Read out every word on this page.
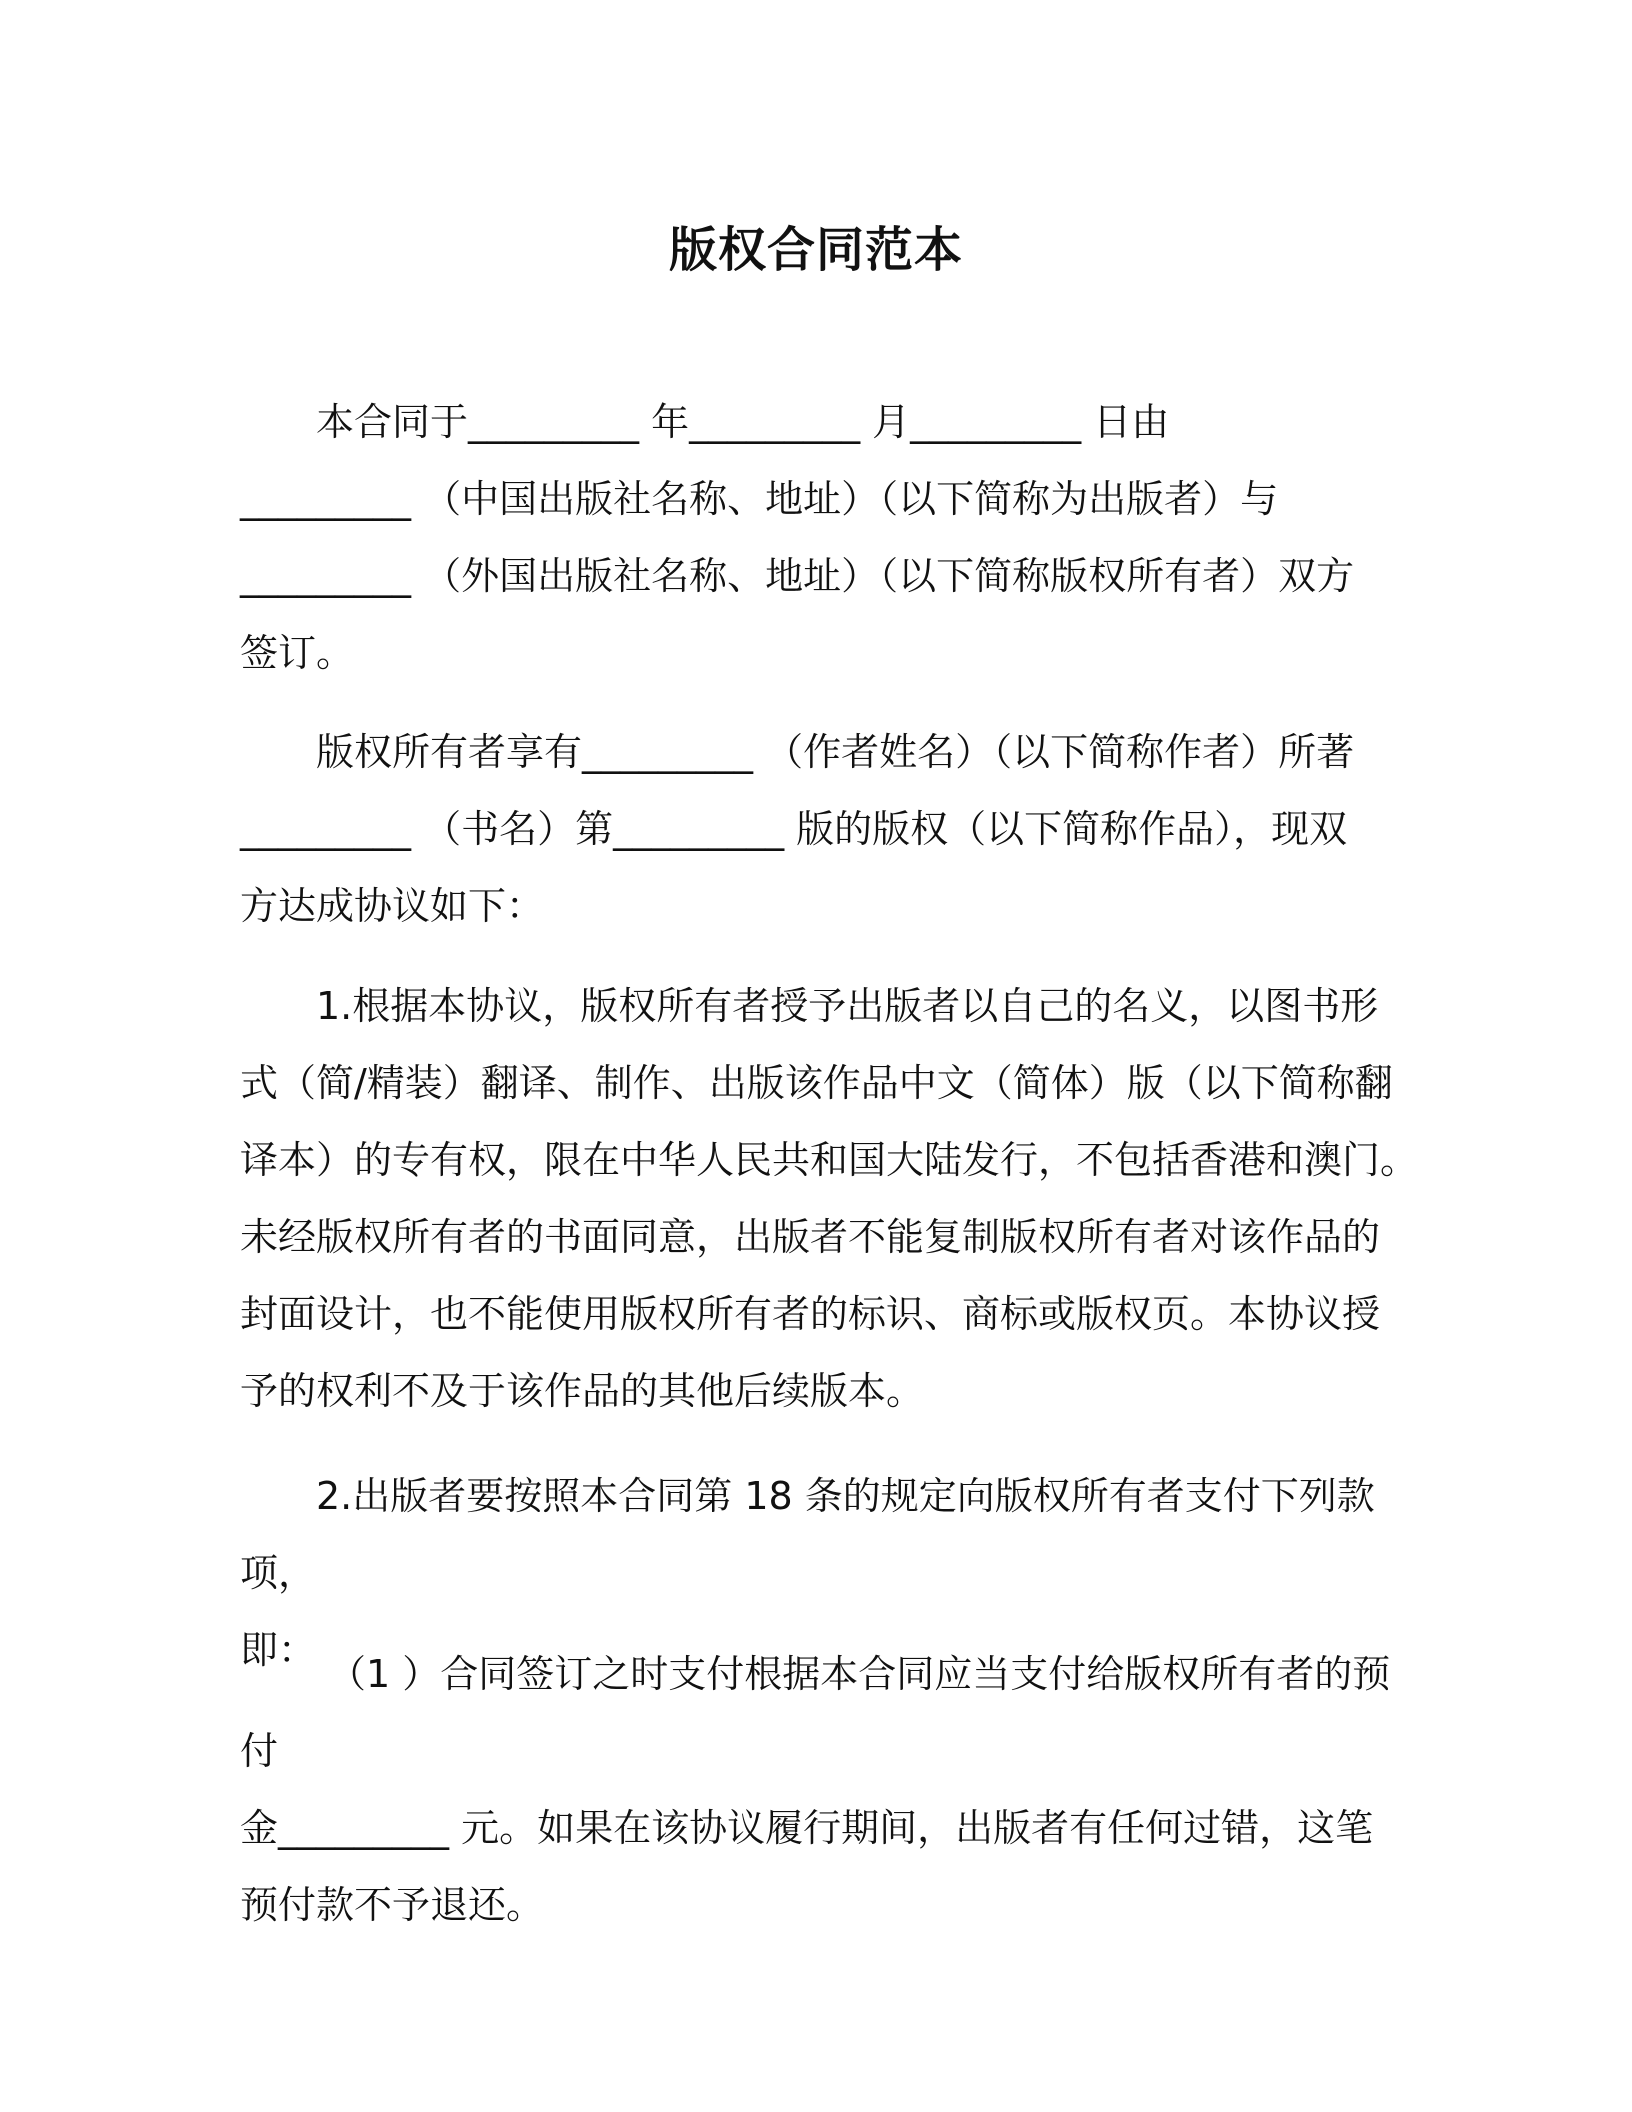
版权合同范本
本合同于_________ 年_________ 月_________ 日由
_________ （中国出版社名称、地址）（以下简称为出版者）与
_________ （外国出版社名称、地址）（以下简称版权所有者）双方
签订。
版权所有者享有_________ （作者姓名）（以下简称作者）所著
_________ （书名）第_________ 版的版权（以下简称作品），现双
方达成协议如下：
1.根据本协议，版权所有者授予出版者以自己的名义，以图书形
式（简/精装）翻译、制作、出版该作品中文（简体）版（以下简称翻
译本）的专有权，限在中华人民共和国大陆发行，不包括香港和澳门。
未经版权所有者的书面同意，出版者不能复制版权所有者对该作品的
封面设计，也不能使用版权所有者的标识、商标或版权页。本协议授
予的权利不及于该作品的其他后续版本。
2.出版者要按照本合同第 18 条的规定向版权所有者支付下列款项，
即：
（1 ）合同签订之时支付根据本合同应当支付给版权所有者的预付
金_________ 元。如果在该协议履行期间，出版者有任何过错，这笔
预付款不予退还。
